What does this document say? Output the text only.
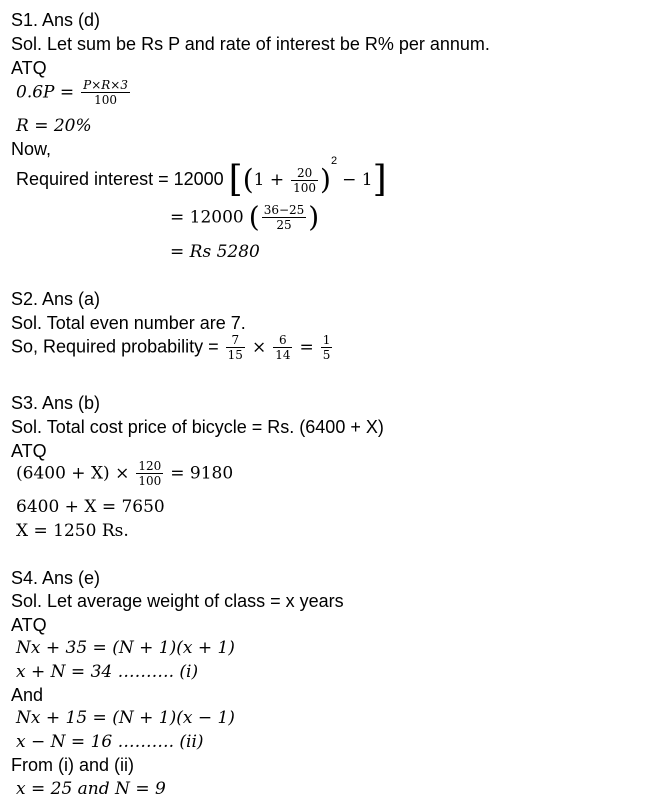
S1. Ans (d)
Sol. Let sum be Rs P and rate of interest be R% per annum.
ATQ
$0.6P = \frac{P\times R\times 3}{100}$
R = 20%
Now,
Required interest = 12000 $[(1 + \frac{20}{100} )^2 - 1]$
= 12000 ( $\frac{36-25}{25}$ )
= Rs 5280
S2. Ans (a)
Sol. Total even number are 7.
So, Required probability = $\frac{7}{15} \times \frac{6}{14} = \frac{1}{5}$
S3. Ans (b)
Sol. Total cost price of bicycle = Rs. (6400 + X)
ATQ
$(6400 + X) \times \frac{120}{100} = 9180$
6400 + X = 7650
X = 1250 Rs.
S4. Ans (e)
Sol. Let average weight of class = x years
ATQ
Nx + 35 = (N + 1)(x + 1)
x + N = 34 ………. (i)
And
Nx + 15 = (N + 1)(x − 1)
x − N = 16 ………. (ii)
From (i) and (ii)
x = 25 and N = 9
